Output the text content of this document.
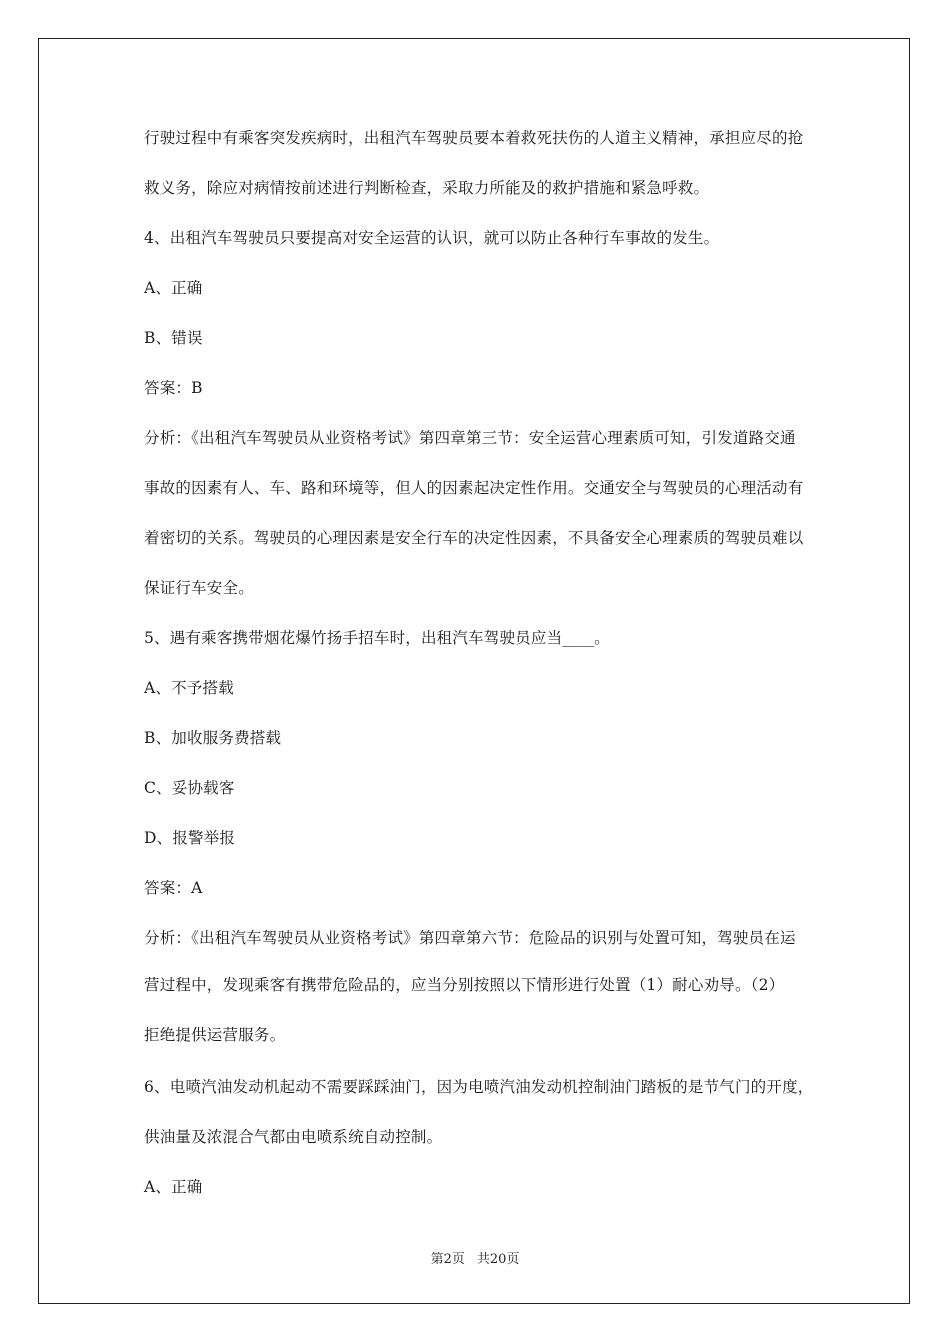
行驶过程中有乘客突发疾病时，出租汽车驾驶员要本着救死扶伤的人道主义精神，承担应尽的抢
救义务，除应对病情按前述进行判断检查，采取力所能及的救护措施和紧急呼救。
4、出租汽车驾驶员只要提高对安全运营的认识，就可以防止各种行车事故的发生。
A、正确
B、错误
答案：B
分析：《出租汽车驾驶员从业资格考试》第四章第三节：安全运营心理素质可知，引发道路交通
事故的因素有人、车、路和环境等，但人的因素起决定性作用。交通安全与驾驶员的心理活动有
着密切的关系。驾驶员的心理因素是安全行车的决定性因素，不具备安全心理素质的驾驶员难以
保证行车安全。
5、遇有乘客携带烟花爆竹扬手招车时，出租汽车驾驶员应当____。
A、不予搭载
B、加收服务费搭载
C、妥协载客
D、报警举报
答案：A
分析：《出租汽车驾驶员从业资格考试》第四章第六节：危险品的识别与处置可知，驾驶员在运
营过程中，发现乘客有携带危险品的，应当分别按照以下情形进行处置（1）耐心劝导。（2）
拒绝提供运营服务。
6、电喷汽油发动机起动不需要踩踩油门，因为电喷汽油发动机控制油门踏板的是节气门的开度，
供油量及浓混合气都由电喷系统自动控制。
A、正确
第2页 共20页
